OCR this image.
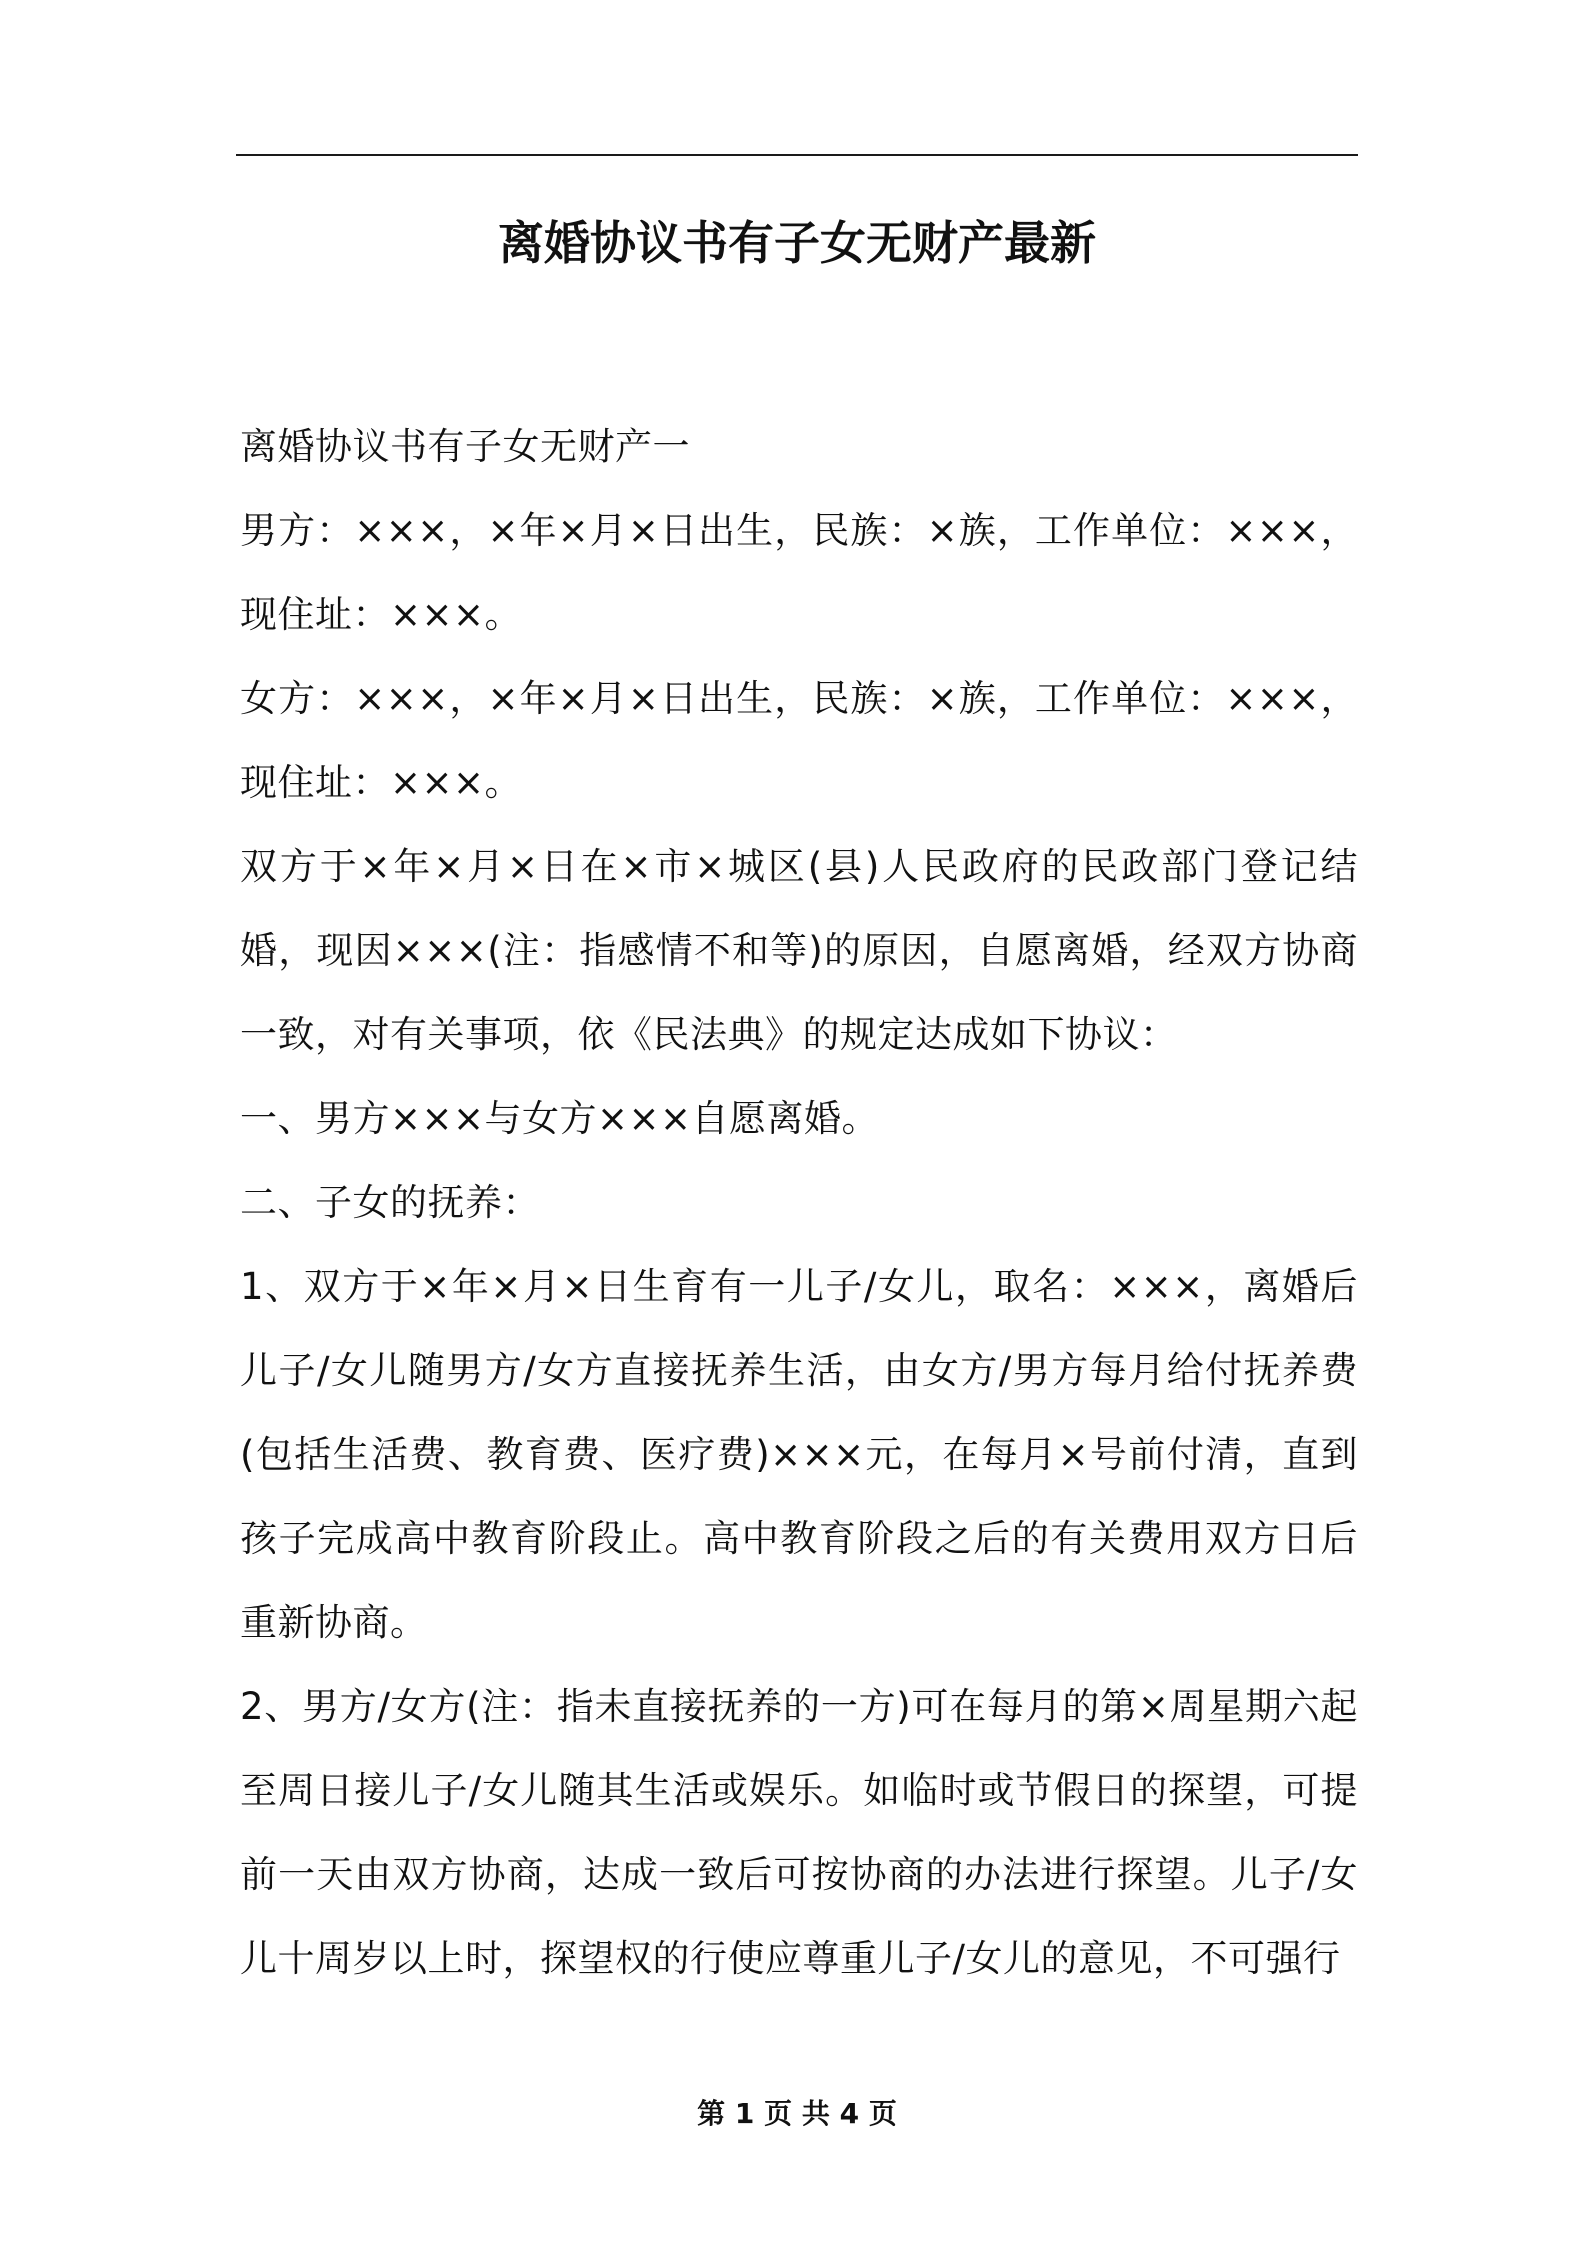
离婚协议书有子女无财产最新

离婚协议书有子女无财产一

男方：×××，×年×月×日出生，民族：×族，工作单位：×××，现住址：×××。

女方：×××，×年×月×日出生，民族：×族，工作单位：×××，现住址：×××。

双方于×年×月×日在×市×城区(县)人民政府的民政部门登记结婚，现因×××(注：指感情不和等)的原因，自愿离婚，经双方协商一致，对有关事项，依《民法典》的规定达成如下协议：

一、男方×××与女方×××自愿离婚。

二、子女的抚养：

1、双方于×年×月×日生育有一儿子/女儿，取名：×××，离婚后儿子/女儿随男方/女方直接抚养生活，由女方/男方每月给付抚养费(包括生活费、教育费、医疗费)×××元，在每月×号前付清，直到孩子完成高中教育阶段止。高中教育阶段之后的有关费用双方日后重新协商。

2、男方/女方(注：指未直接抚养的一方)可在每月的第×周星期六起至周日接儿子/女儿随其生活或娱乐。如临时或节假日的探望，可提前一天由双方协商，达成一致后可按协商的办法进行探望。儿子/女儿十周岁以上时，探望权的行使应尊重儿子/女儿的意见，不可强行

第 1 页 共 4 页
